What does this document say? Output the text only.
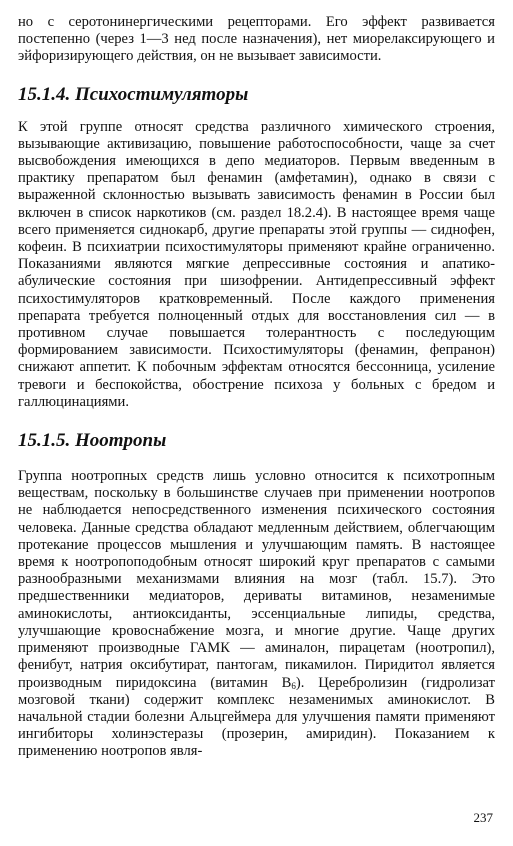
но с серотонинергическими рецепторами. Его эффект развивается постепенно (через 1—3 нед после назначения), нет миорелаксирующего и эйфоризирующего действия, он не вызывает зависимости.

15.1.4. Психостимуляторы

К этой группе относят средства различного химического строения, вызывающие активизацию, повышение работоспособности, чаще за счет высвобождения имеющихся в депо медиаторов. Первым введенным в практику препаратом был фенамин (амфетамин), однако в связи с выраженной склонностью вызывать зависимость фенамин в России был включен в список наркотиков (см. раздел 18.2.4). В настоящее время чаще всего применяется сиднокарб, другие препараты этой группы — сиднофен, кофеин. В психиатрии психостимуляторы применяют крайне ограниченно. Показаниями являются мягкие депрессивные состояния и апатико-абулические состояния при шизофрении. Антидепрессивный эффект психостимуляторов кратковременный. После каждого применения препарата требуется полноценный отдых для восстановления сил — в противном случае повышается толерантность с последующим формированием зависимости. Психостимуляторы (фенамин, фепранон) снижают аппетит. К побочным эффектам относятся бессонница, усиление тревоги и беспокойства, обострение психоза у больных с бредом и галлюцинациями.

15.1.5. Ноотропы

Группа ноотропных средств лишь условно относится к психотропным веществам, поскольку в большинстве случаев при применении ноотропов не наблюдается непосредственного изменения психического состояния человека. Данные средства обладают медленным действием, облегчающим протекание процессов мышления и улучшающим память. В настоящее время к ноотропоподобным относят широкий круг препаратов с самыми разнообразными механизмами влияния на мозг (табл. 15.7). Это предшественники медиаторов, дериваты витаминов, незаменимые аминокислоты, антиоксиданты, эссенциальные липиды, средства, улучшающие кровоснабжение мозга, и многие другие. Чаще других применяют производные ГАМК — аминалон, пирацетам (ноотропил), фенибут, натрия оксибутират, пантогам, пикамилон. Пиридитол является производным пиридоксина (витамин $B_6$). Церебролизин (гидролизат мозговой ткани) содержит комплекс незаменимых аминокислот. В начальной стадии болезни Альцгеймера для улучшения памяти применяют ингибиторы холинэстеразы (прозерин, амиридин). Показанием к применению ноотропов явля-

237
